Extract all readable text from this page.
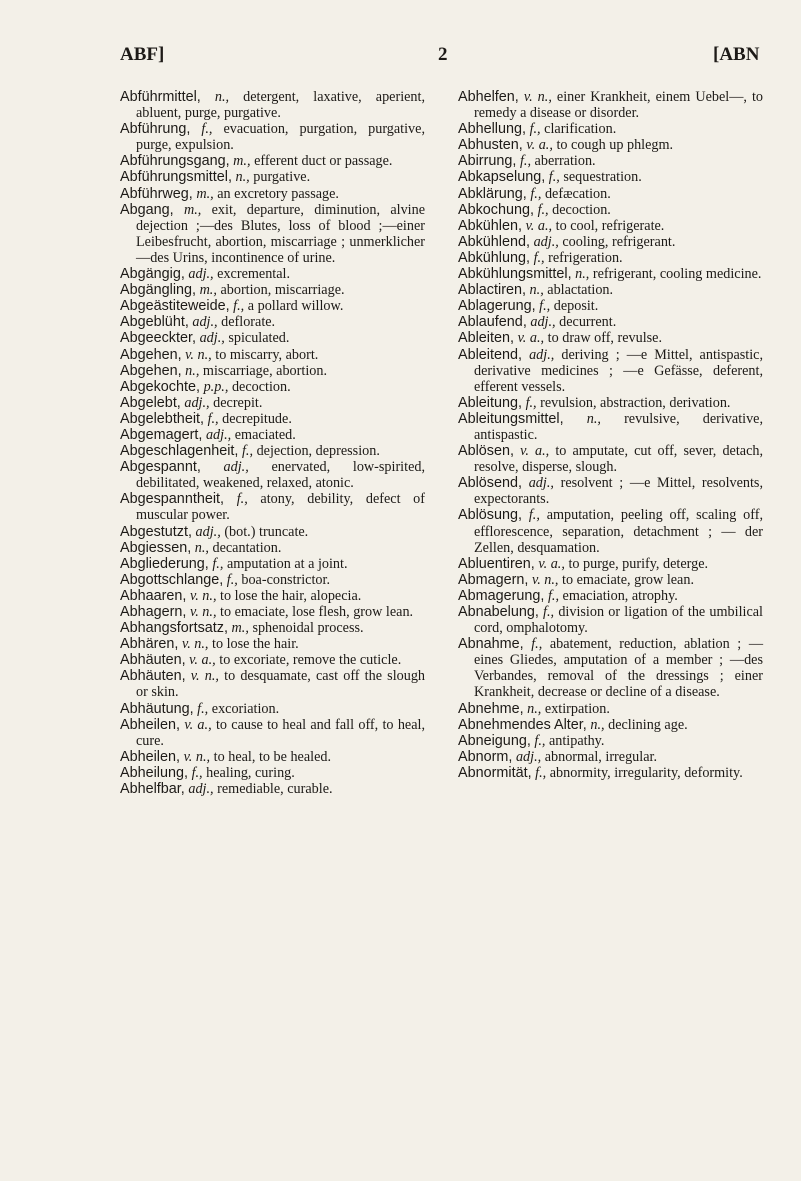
ABF]	2	[ABN
Abführmittel, n., detergent, laxative, aperient, abluent, purge, purgative.
Abführung, f., evacuation, purgation, purgative, purge, expulsion.
Abführungsgang, m., efferent duct or passage.
Abführungsmittel, n., purgative.
Abführweg, m., an excretory passage.
Abgang, m., exit, departure, diminution, alvine dejection ;—des Blutes, loss of blood ;—einer Leibesfrucht, abortion, miscarriage ; unmerklicher —des Urins, incontinence of urine.
Abgängig, adj., excremental.
Abgängling, m., abortion, miscarriage.
Abgeästiteweide, f., a pollard willow.
Abgeblüht, adj., deflorate.
Abgeeckter, adj., spiculated.
Abgehen, v. n., to miscarry, abort.
Abgehen, n., miscarriage, abortion.
Abgekochte, p.p., decoction.
Abgelebt, adj., decrepit.
Abgelebtheit, f., decrepitude.
Abgemagert, adj., emaciated.
Abgeschlagenheit, f., dejection, depression.
Abgespannt, adj., enervated, low-spirited, debilitated, weakened, relaxed, atonic.
Abgespanntheit, f., atony, debility, defect of muscular power.
Abgestutzt, adj., (bot.) truncate.
Abgiessen, n., decantation.
Abgliederung, f., amputation at a joint.
Abgottschlange, f., boa-constrictor.
Abhaaren, v. n., to lose the hair, alopecia.
Abhagern, v. n., to emaciate, lose flesh, grow lean.
Abhangsfortsatz, m., sphenoidal process.
Abhären, v. n., to lose the hair.
Abhäuten, v. a., to excoriate, remove the cuticle.
Abhäuten, v. n., to desquamate, cast off the slough or skin.
Abhäutung, f., excoriation.
Abheilen, v. a., to cause to heal and fall off, to heal, cure.
Abheilen, v. n., to heal, to be healed.
Abheilung, f., healing, curing.
Abhelfbar, adj., remediable, curable.
Abhelfen, v. n., einer Krankheit, einem Uebel—, to remedy a disease or disorder.
Abhellung, f., clarification.
Abhusten, v. a., to cough up phlegm.
Abirrung, f., aberration.
Abkapselung, f., sequestration.
Abklärung, f., defæcation.
Abkochung, f., decoction.
Abkühlen, v. a., to cool, refrigerate.
Abkühlend, adj., cooling, refrigerant.
Abkühlung, f., refrigeration.
Abkühlungsmittel, n., refrigerant, cooling medicine.
Ablactiren, n., ablactation.
Ablagerung, f., deposit.
Ablaufend, adj., decurrent.
Ableiten, v. a., to draw off, revulse.
Ableitend, adj., deriving ; —e Mittel, antispastic, derivative medicines ; —e Gefässe, deferent, efferent vessels.
Ableitung, f., revulsion, abstraction, derivation.
Ableitungsmittel, n., revulsive, derivative, antispastic.
Ablösen, v. a., to amputate, cut off, sever, detach, resolve, disperse, slough.
Ablösend, adj., resolvent ; —e Mittel, resolvents, expectorants.
Ablösung, f., amputation, peeling off, scaling off, efflorescence, separation, detachment ; — der Zellen, desquamation.
Abluentiren, v. a., to purge, purify, deterge.
Abmagern, v. n., to emaciate, grow lean.
Abmagerung, f., emaciation, atrophy.
Abnabelung, f., division or ligation of the umbilical cord, omphalotomy.
Abnahme, f., abatement, reduction, ablation ; —eines Gliedes, amputation of a member ; —des Verbandes, removal of the dressings ; einer Krankheit, decrease or decline of a disease.
Abnehme, n., extirpation.
Abnehmendes Alter, n., declining age.
Abneigung, f., antipathy.
Abnorm, adj., abnormal, irregular.
Abnormität, f., abnormity, irregularity, deformity.
